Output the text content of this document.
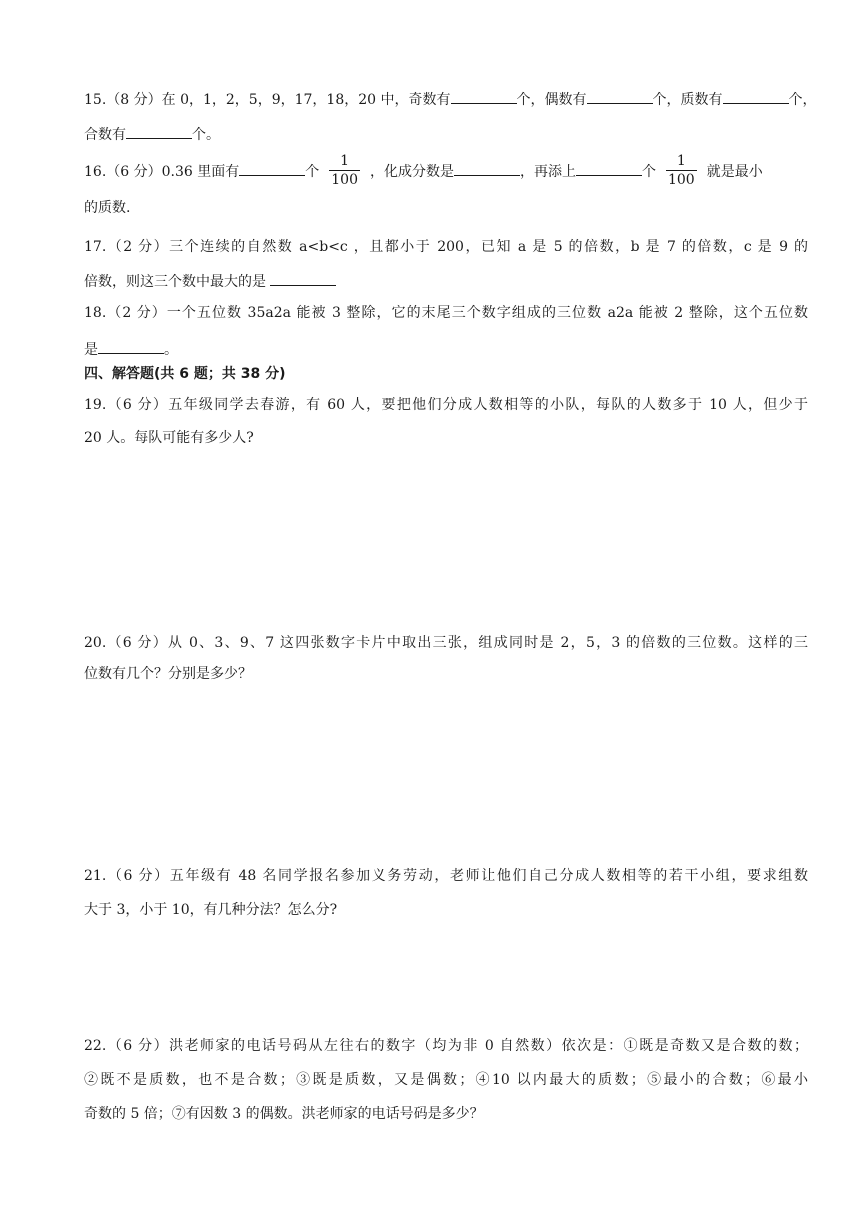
15.（8 分）在 0，1，2，5，9，17，18，20 中，奇数有	个，偶数有	个，质数有	个，
合数有	个。
16.（6 分）0.36 里面有	个 $\frac{1}{100}$ ，化成分数是	，再添上	个 $\frac{1}{100}$ 就是最小
的质数.
17.（2 分）三个连续的自然数 a<b<c ，且都小于 200，已知 a 是 5 的倍数，b 是 7 的倍数，c 是 9 的
倍数，则这三个数中最大的是
18.（2 分）一个五位数 35a2a 能被 3 整除，它的末尾三个数字组成的三位数 a2a 能被 2 整除，这个五位数
是	。
四、解答题(共 6 题；共 38 分)
19.（6 分）五年级同学去春游，有 60 人，要把他们分成人数相等的小队，每队的人数多于 10 人，但少于
20 人。每队可能有多少人?
20.（6 分）从 0、3、9、7 这四张数字卡片中取出三张，组成同时是 2，5，3 的倍数的三位数。这样的三
位数有几个？分别是多少？
21.（6 分）五年级有 48 名同学报名参加义务劳动，老师让他们自己分成人数相等的若干小组，要求组数
大于 3，小于 10，有几种分法？怎么分?
22.（6 分）洪老师家的电话号码从左往右的数字（均为非 0 自然数）依次是：①既是奇数又是合数的数；
②既不是质数，也不是合数；③既是质数，又是偶数；④10 以内最大的质数；⑤最小的合数；⑥最小
奇数的 5 倍；⑦有因数 3 的偶数。洪老师家的电话号码是多少？
